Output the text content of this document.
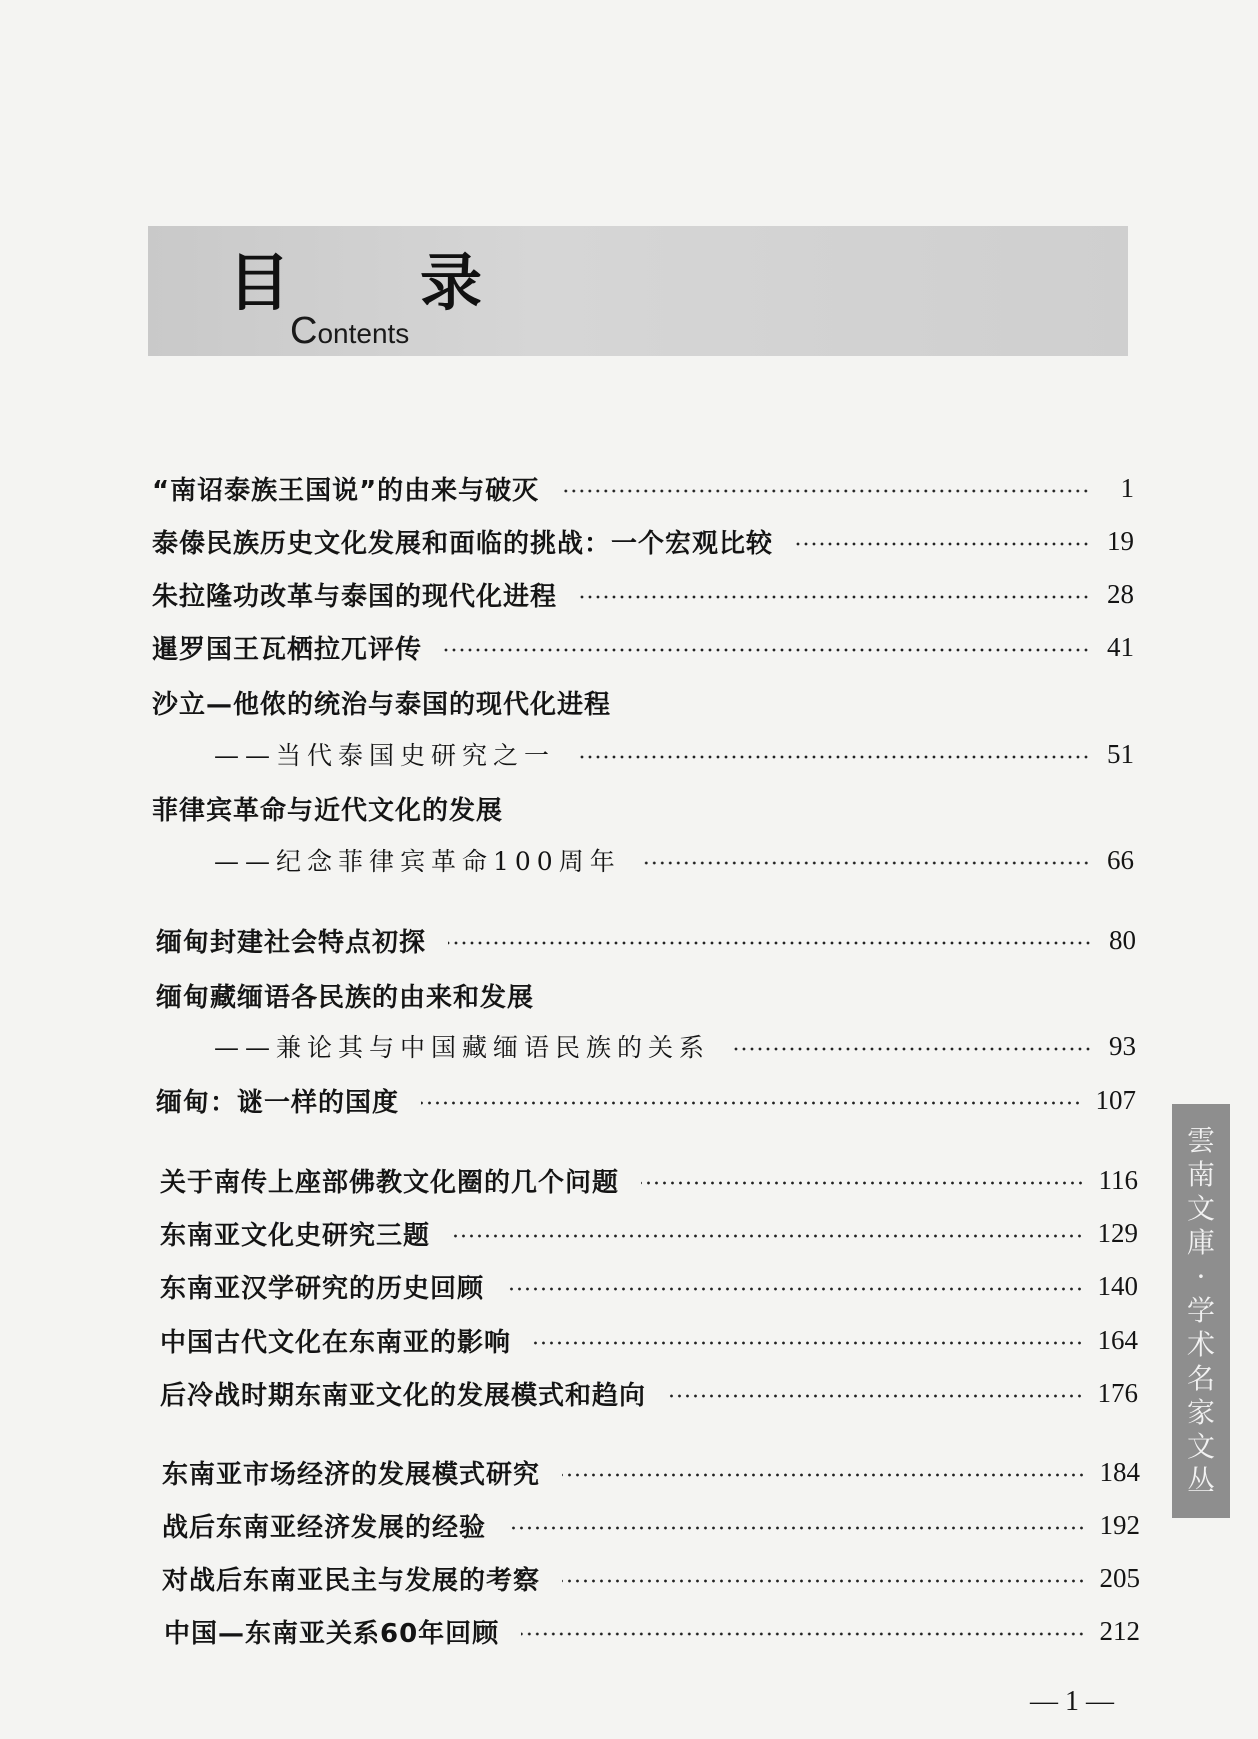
目 录
Contents
“南诏泰族王国说”的由来与破灭	1
泰傣民族历史文化发展和面临的挑战：一个宏观比较	19
朱拉隆功改革与泰国的现代化进程	28
暹罗国王瓦栖拉兀评传	41
沙立—他侬的统治与泰国的现代化进程
——当代泰国史研究之一	51
菲律宾革命与近代文化的发展
——纪念菲律宾革命100周年	66
缅甸封建社会特点初探	80
缅甸藏缅语各民族的由来和发展
——兼论其与中国藏缅语民族的关系	93
缅甸：谜一样的国度	107
关于南传上座部佛教文化圈的几个问题	116
东南亚文化史研究三题	129
东南亚汉学研究的历史回顾	140
中国古代文化在东南亚的影响	164
后冷战时期东南亚文化的发展模式和趋向	176
东南亚市场经济的发展模式研究	184
战后东南亚经济发展的经验	192
对战后东南亚民主与发展的考察	205
中国—东南亚关系60年回顾	212
雲南文庫·学术名家文丛
— 1 —
